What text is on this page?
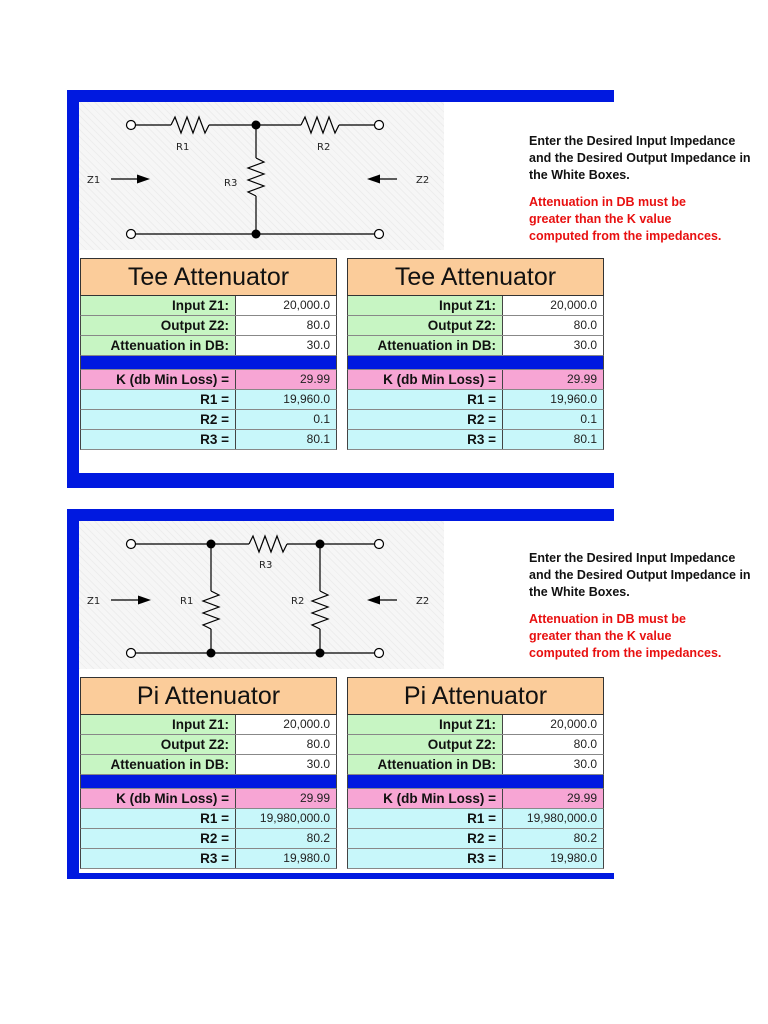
R1	R2
R3
Z1	Z2
Enter the Desired Input Impedance
and the Desired Output Impedance in
the White Boxes.
Attenuation in DB must be
greater than the K value
computed from the impedances.
Tee Attenuator
Input Z1:	20,000.0
Output Z2:	80.0
Attenuation in DB:	30.0
K (db Min Loss) =	29.99
R1 =	19,960.0
R2 =	0.1
R3 =	80.1
Tee Attenuator
Input Z1:	20,000.0
Output Z2:	80.0
Attenuation in DB:	30.0
K (db Min Loss) =	29.99
R1 =	19,960.0
R2 =	0.1
R3 =	80.1
R1	R2
R3
Z1	Z2
Enter the Desired Input Impedance
and the Desired Output Impedance in
the White Boxes.
Attenuation in DB must be
greater than the K value
computed from the impedances.
Pi Attenuator
Input Z1:	20,000.0
Output Z2:	80.0
Attenuation in DB:	30.0
K (db Min Loss) =	29.99
R1 =	19,980,000.0
R2 =	80.2
R3 =	19,980.0
Pi Attenuator
Input Z1:	20,000.0
Output Z2:	80.0
Attenuation in DB:	30.0
K (db Min Loss) =	29.99
R1 =	19,980,000.0
R2 =	80.2
R3 =	19,980.0
